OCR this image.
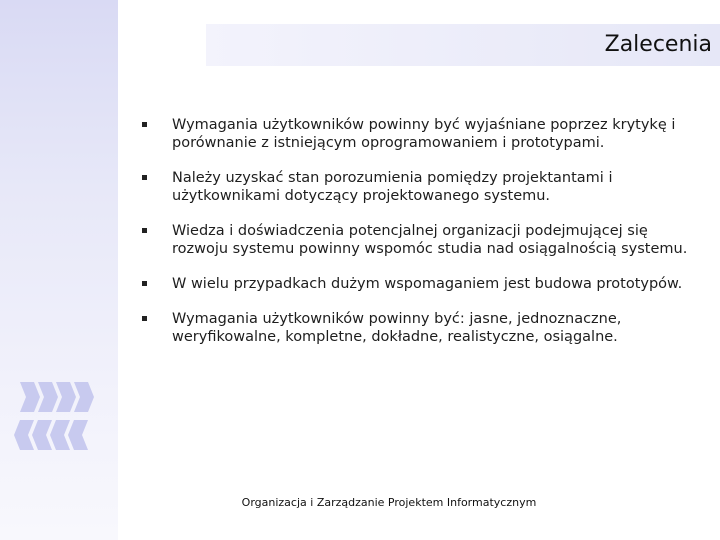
Zalecenia
Wymagania użytkowników powinny być wyjaśniane poprzez krytykę i porównanie z istniejącym oprogramowaniem i prototypami.
Należy uzyskać stan porozumienia pomiędzy projektantami i użytkownikami dotyczący projektowanego systemu.
Wiedza i doświadczenia potencjalnej organizacji podejmującej się rozwoju systemu powinny wspomóc studia nad osiągalnością systemu.
W wielu przypadkach dużym wspomaganiem jest budowa prototypów.
Wymagania użytkowników powinny być: jasne, jednoznaczne, weryfikowalne, kompletne, dokładne, realistyczne, osiągalne.
Organizacja i Zarządzanie Projektem Informatycznym
